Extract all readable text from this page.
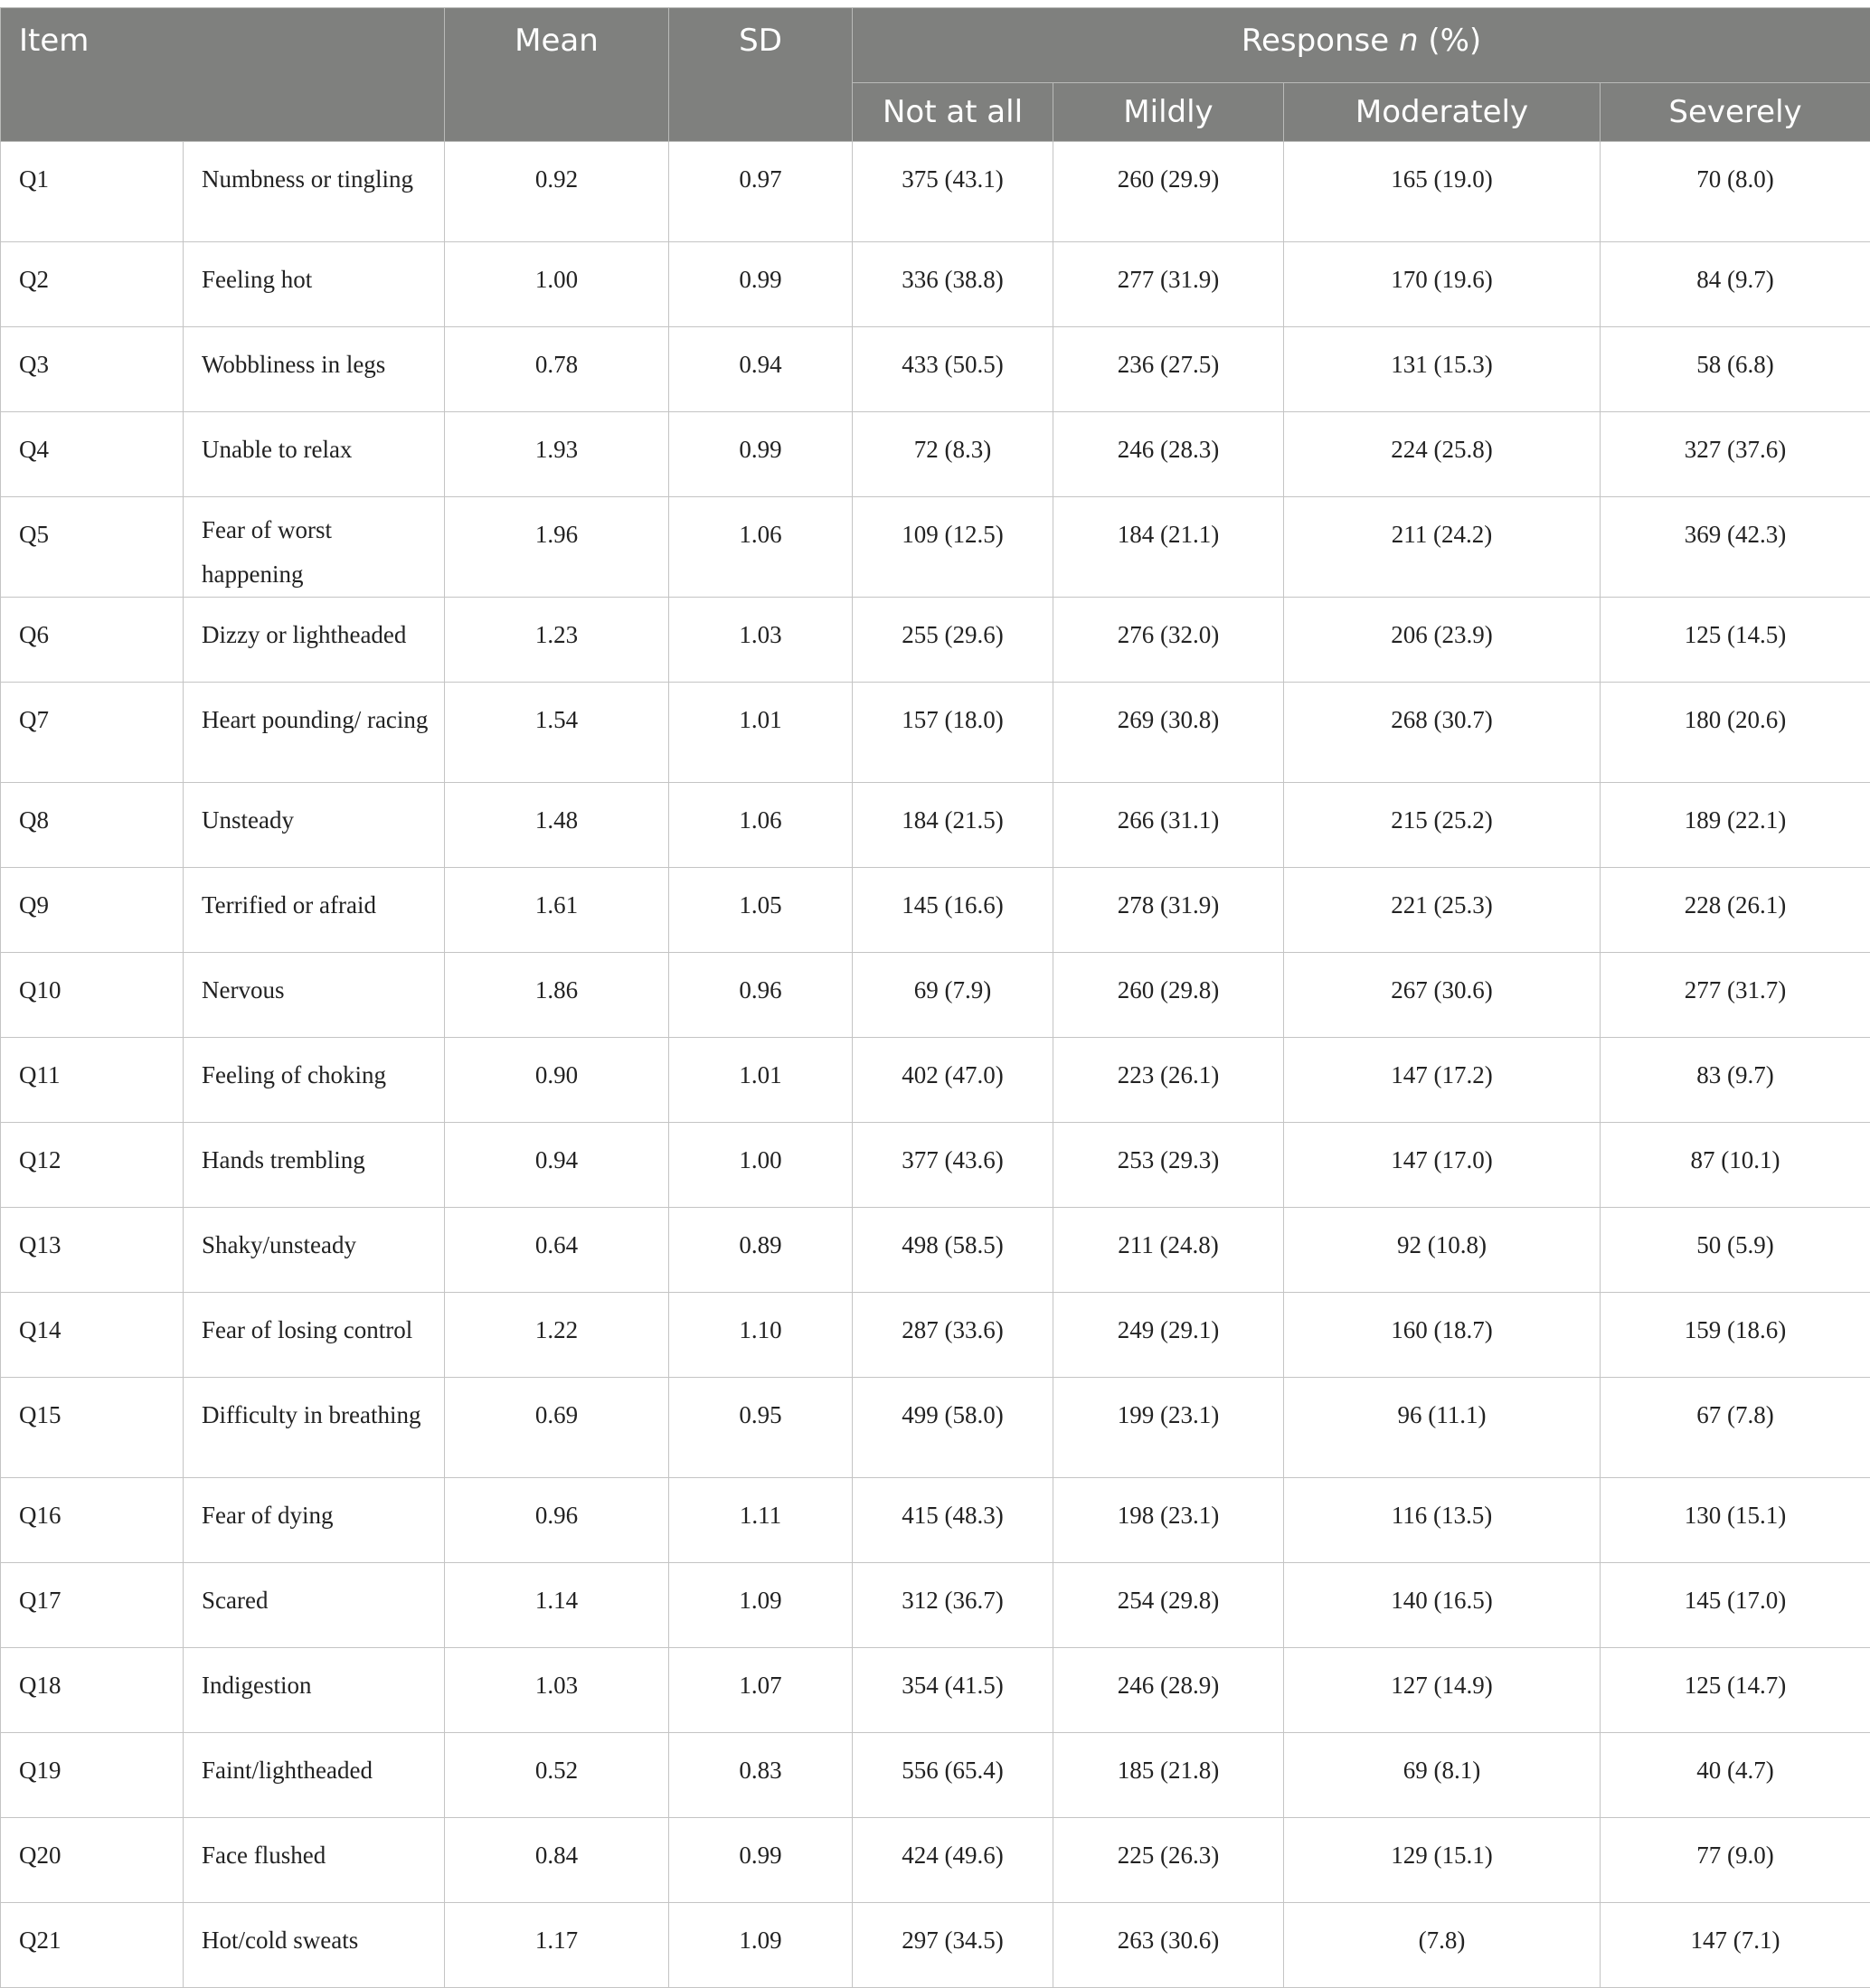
Item		Mean	SD	Response n (%)			
				Not at all	Mildly	Moderately	Severely
Q1	Numbness or tingling	0.92	0.97	375 (43.1)	260 (29.9)	165 (19.0)	70 (8.0)
Q2	Feeling hot	1.00	0.99	336 (38.8)	277 (31.9)	170 (19.6)	84 (9.7)
Q3	Wobbliness in legs	0.78	0.94	433 (50.5)	236 (27.5)	131 (15.3)	58 (6.8)
Q4	Unable to relax	1.93	0.99	72 (8.3)	246 (28.3)	224 (25.8)	327 (37.6)
Q5	Fear of worst happening	1.96	1.06	109 (12.5)	184 (21.1)	211 (24.2)	369 (42.3)
Q6	Dizzy or lightheaded	1.23	1.03	255 (29.6)	276 (32.0)	206 (23.9)	125 (14.5)
Q7	Heart pounding/ racing	1.54	1.01	157 (18.0)	269 (30.8)	268 (30.7)	180 (20.6)
Q8	Unsteady	1.48	1.06	184 (21.5)	266 (31.1)	215 (25.2)	189 (22.1)
Q9	Terrified or afraid	1.61	1.05	145 (16.6)	278 (31.9)	221 (25.3)	228 (26.1)
Q10	Nervous	1.86	0.96	69 (7.9)	260 (29.8)	267 (30.6)	277 (31.7)
Q11	Feeling of choking	0.90	1.01	402 (47.0)	223 (26.1)	147 (17.2)	83 (9.7)
Q12	Hands trembling	0.94	1.00	377 (43.6)	253 (29.3)	147 (17.0)	87 (10.1)
Q13	Shaky/unsteady	0.64	0.89	498 (58.5)	211 (24.8)	92 (10.8)	50 (5.9)
Q14	Fear of losing control	1.22	1.10	287 (33.6)	249 (29.1)	160 (18.7)	159 (18.6)
Q15	Difficulty in breathing	0.69	0.95	499 (58.0)	199 (23.1)	96 (11.1)	67 (7.8)
Q16	Fear of dying	0.96	1.11	415 (48.3)	198 (23.1)	116 (13.5)	130 (15.1)
Q17	Scared	1.14	1.09	312 (36.7)	254 (29.8)	140 (16.5)	145 (17.0)
Q18	Indigestion	1.03	1.07	354 (41.5)	246 (28.9)	127 (14.9)	125 (14.7)
Q19	Faint/lightheaded	0.52	0.83	556 (65.4)	185 (21.8)	69 (8.1)	40 (4.7)
Q20	Face flushed	0.84	0.99	424 (49.6)	225 (26.3)	129 (15.1)	77 (9.0)
Q21	Hot/cold sweats	1.17	1.09	297 (34.5)	263 (30.6)	(7.8)	147 (7.1)
